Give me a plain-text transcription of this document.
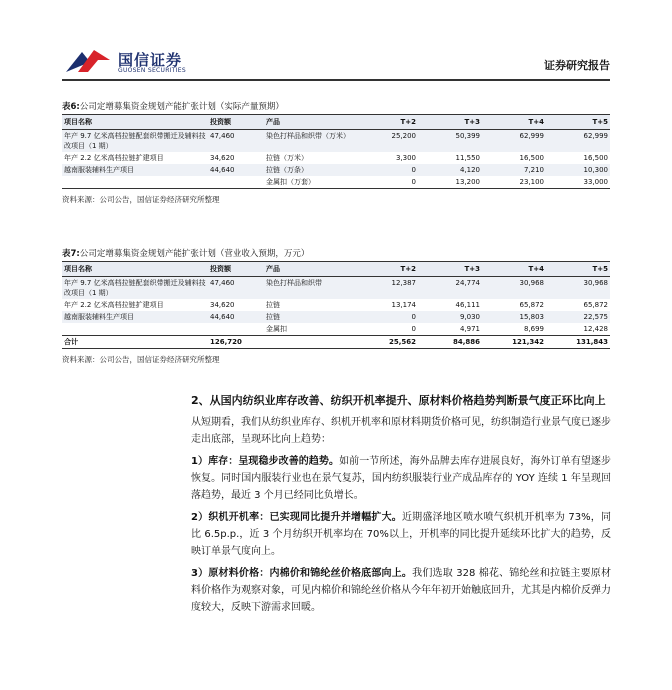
国信证券
GUOSEN SECURITIES	证券研究报告
表6:公司定增募集资金规划产能扩张计划（实际产量预期）
项目名称	投资额	产品	T+2	T+3	T+4	T+5
年产 9.7 亿米高档拉链配套织带搬迁及辅料技改项目（1 期）	47,460	染色打样品和织带（万米）	25,200	50,399	62,999	62,999
年产 2.2 亿米高档拉链扩建项目	34,620	拉链（万米）	3,300	11,550	16,500	16,500
越南服装辅料生产项目	44,640	拉链（万条）	0	4,120	7,210	10,300
		金属扣（万套）	0	13,200	23,100	33,000
资料来源：公司公告，国信证券经济研究所整理
表7:公司定增募集资金规划产能扩张计划（营业收入预期，万元）
项目名称	投资额	产品	T+2	T+3	T+4	T+5
年产 9.7 亿米高档拉链配套织带搬迁及辅料技改项目（1 期）	47,460	染色打样品和织带	12,387	24,774	30,968	30,968
年产 2.2 亿米高档拉链扩建项目	34,620	拉链	13,174	46,111	65,872	65,872
越南服装辅料生产项目	44,640	拉链	0	9,030	15,803	22,575
		金属扣	0	4,971	8,699	12,428
合计	126,720		25,562	84,886	121,342	131,843
资料来源：公司公告，国信证券经济研究所整理
2、从国内纺织业库存改善、纺织开机率提升、原材料价格趋势判断景气度正环比向上

从短期看，我们从纺织业库存、织机开机率和原材料期货价格可见，纺织制造行业景气度已逐步走出底部，呈现环比向上趋势：

1）库存：呈现稳步改善的趋势。如前一节所述，海外品牌去库存进展良好，海外订单有望逐步恢复。同时国内服装行业也在景气复苏，国内纺织服装行业产成品库存的 YOY 连续 1 年呈现回落趋势，最近 3 个月已经同比负增长。

2）织机开机率：已实现同比提升并增幅扩大。近期盛泽地区喷水喷气织机开机率为 73%，同比 6.5p.p.，近 3 个月纺织开机率均在 70%以上，开机率的同比提升延续环比扩大的趋势，反映订单景气度向上。

3）原材料价格：内棉价和锦纶丝价格底部向上。我们选取 328 棉花、锦纶丝和拉链主要原材料价格作为观察对象，可见内棉价和锦纶丝价格从今年年初开始触底回升，尤其是内棉价反弹力度较大，反映下游需求回暖。
